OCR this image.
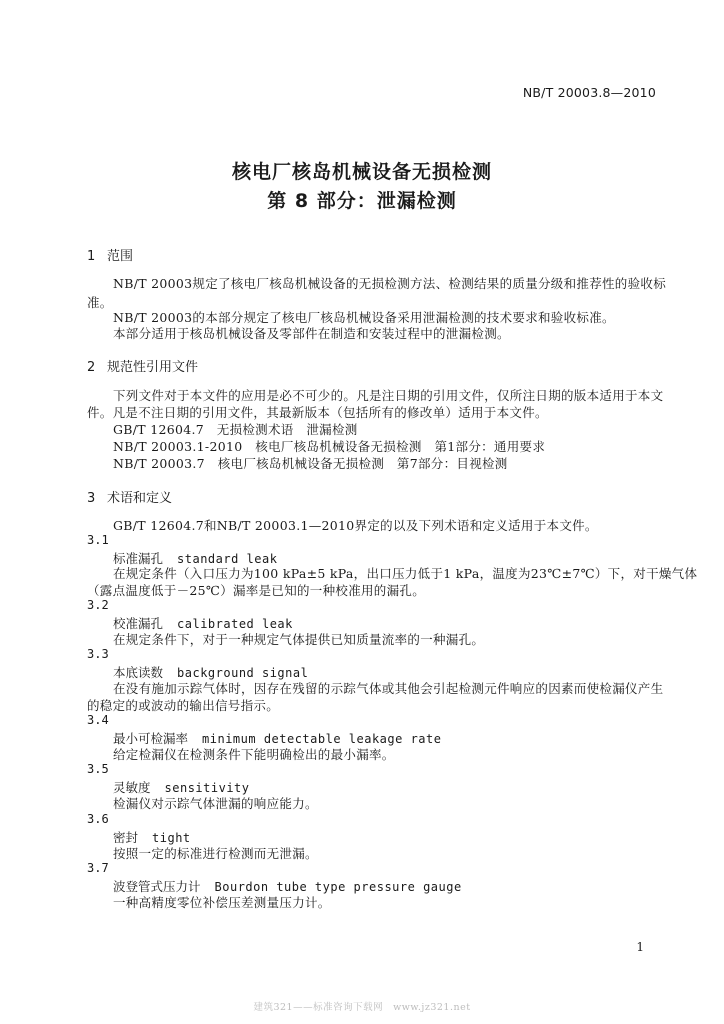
NB/T 20003.8—2010
核电厂核岛机械设备无损检测
第 8 部分：泄漏检测
1 范围
NB/T 20003规定了核电厂核岛机械设备的无损检测方法、检测结果的质量分级和推荐性的验收标
准。
NB/T 20003的本部分规定了核电厂核岛机械设备采用泄漏检测的技术要求和验收标准。
本部分适用于核岛机械设备及零部件在制造和安装过程中的泄漏检测。
2 规范性引用文件
下列文件对于本文件的应用是必不可少的。凡是注日期的引用文件，仅所注日期的版本适用于本文
件。凡是不注日期的引用文件，其最新版本（包括所有的修改单）适用于本文件。
GB/T 12604.7　无损检测术语　泄漏检测
NB/T 20003.1-2010　核电厂核岛机械设备无损检测　第1部分：通用要求
NB/T 20003.7　核电厂核岛机械设备无损检测　第7部分：目视检测
3 术语和定义
GB/T 12604.7和NB/T 20003.1—2010界定的以及下列术语和定义适用于本文件。
3.1
标准漏孔 standard leak
在规定条件（入口压力为100 kPa±5 kPa，出口压力低于1 kPa，温度为23℃±7℃）下，对干燥气体
（露点温度低于－25℃）漏率是已知的一种校准用的漏孔。
3.2
校准漏孔 calibrated leak
在规定条件下，对于一种规定气体提供已知质量流率的一种漏孔。
3.3
本底读数 background signal
在没有施加示踪气体时，因存在残留的示踪气体或其他会引起检测元件响应的因素而使检漏仪产生
的稳定的或波动的输出信号指示。
3.4
最小可检漏率 minimum detectable leakage rate
给定检漏仪在检测条件下能明确检出的最小漏率。
3.5
灵敏度 sensitivity
检漏仪对示踪气体泄漏的响应能力。
3.6
密封 tight
按照一定的标准进行检测而无泄漏。
3.7
波登管式压力计 Bourdon tube type pressure gauge
一种高精度零位补偿压差测量压力计。
1
建筑321——标准咨询下载网　www.jz321.net
